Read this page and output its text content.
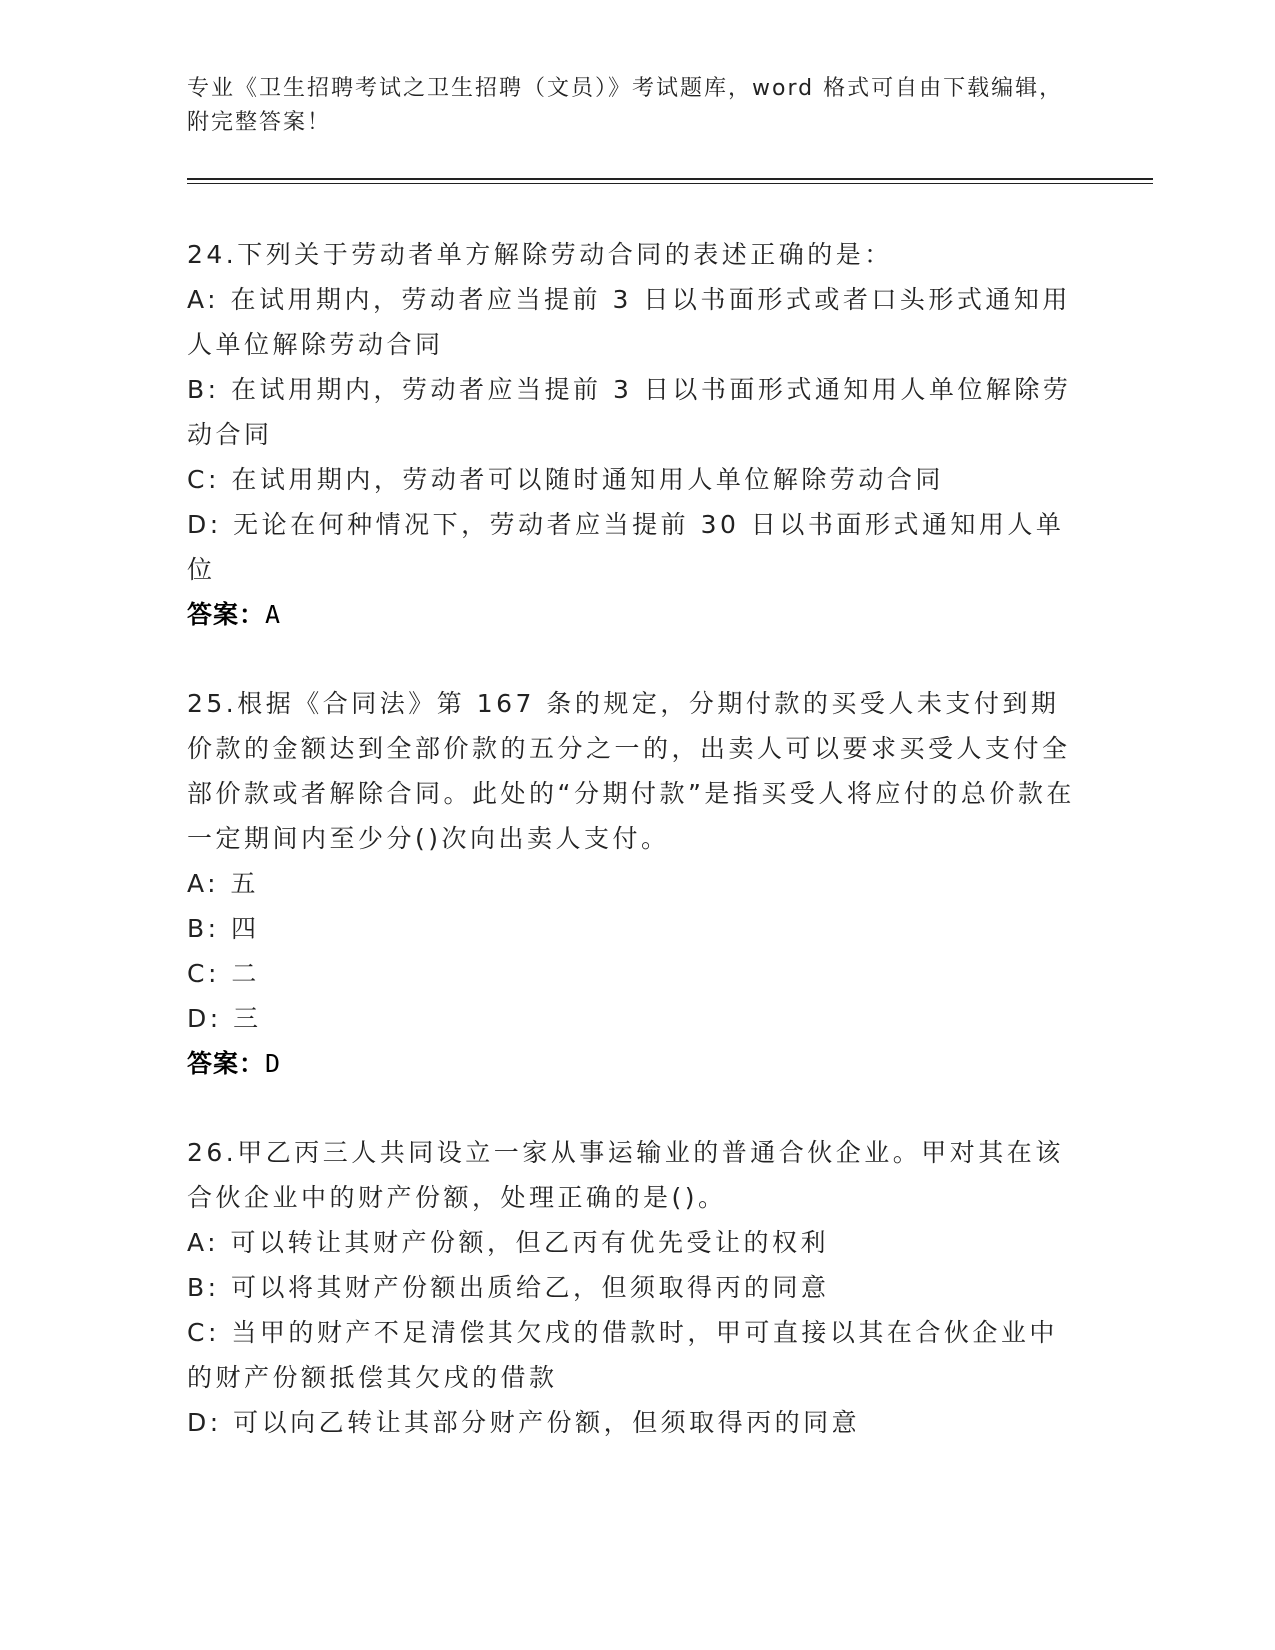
专业《卫生招聘考试之卫生招聘（文员）》考试题库，word 格式可自由下载编辑，附完整答案！

24.下列关于劳动者单方解除劳动合同的表述正确的是：

A: 在试用期内，劳动者应当提前 3 日以书面形式或者口头形式通知用人单位解除劳动合同

B: 在试用期内，劳动者应当提前 3 日以书面形式通知用人单位解除劳动合同

C: 在试用期内，劳动者可以随时通知用人单位解除劳动合同

D: 无论在何种情况下，劳动者应当提前 30 日以书面形式通知用人单位

答案：A

25.根据《合同法》第 167 条的规定，分期付款的买受人未支付到期价款的金额达到全部价款的五分之一的，出卖人可以要求买受人支付全部价款或者解除合同。此处的“分期付款”是指买受人将应付的总价款在一定期间内至少分()次向出卖人支付。

A: 五

B: 四

C: 二

D: 三

答案：D

26.甲乙丙三人共同设立一家从事运输业的普通合伙企业。甲对其在该合伙企业中的财产份额，处理正确的是()。

A: 可以转让其财产份额，但乙丙有优先受让的权利

B: 可以将其财产份额出质给乙，但须取得丙的同意

C: 当甲的财产不足清偿其欠戌的借款时，甲可直接以其在合伙企业中的财产份额抵偿其欠戌的借款

D: 可以向乙转让其部分财产份额，但须取得丙的同意
